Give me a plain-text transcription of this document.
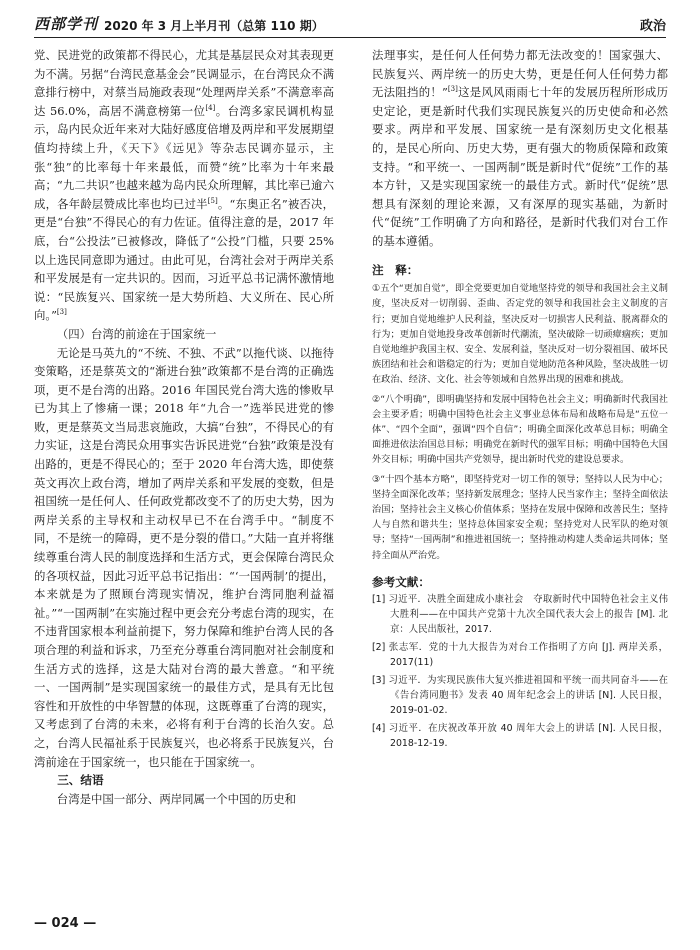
西部学刊 2020 年 3 月上半月刊（总第 110 期）	政治

党、民进党的政策都不得民心，尤其是基层民众对其表现更为不满。另据“台湾民意基金会”民调显示，在台湾民众不满意排行榜中，对蔡当局施政表现“处理两岸关系”不满意率高达 56.0%，高居不满意榜第一位[4]。台湾多家民调机构显示，岛内民众近年来对大陆好感度倍增及两岸和平发展期望值均持续上升，《天下》《远见》等杂志民调亦显示，主张“独”的比率每十年来最低，而赞“统”比率为十年来最高；“九二共识”也越来越为岛内民众所理解，其比率已逾六成，各年龄层赞成比率也均已过半[5]。“东奥正名”被否决，更是“台独”不得民心的有力佐证。值得注意的是，2017 年底，台“公投法”已被修改，降低了“公投”门槛，只要 25% 以上选民同意即为通过。由此可见，台湾社会对于两岸关系和平发展是有一定共识的。因而，习近平总书记满怀激情地说：“民族复兴、国家统一是大势所趋、大义所在、民心所向。”[3]

（四）台湾的前途在于国家统一

无论是马英九的“不统、不独、不武”以拖代谈、以拖待变策略，还是蔡英文的“渐进台独”政策都不是台湾的正确选项，更不是台湾的出路。2016 年国民党台湾大选的惨败早已为其上了惨痛一课；2018 年“九合一”选举民进党的惨败，更是蔡英文当局悲哀施政，大搞“台独”，不得民心的有力实证，这是台湾民众用事实告诉民进党“台独”政策是没有出路的，更是不得民心的；至于 2020 年台湾大选，即使蔡英文再次上政台湾，增加了两岸关系和平发展的变数，但是祖国统一是任何人、任何政党都改变不了的历史大势，因为两岸关系的主导权和主动权早已不在台湾手中。“制度不同，不是统一的障碍，更不是分裂的借口。”大陆一直并将继续尊重台湾人民的制度选择和生活方式，更会保障台湾民众的各项权益，因此习近平总书记指出：“‘一国两制’的提出，本来就是为了照顾台湾现实情况，维护台湾同胞利益福祉。”“一国两制”在实施过程中更会充分考虑台湾的现实，在不违背国家根本利益前提下，努力保障和维护台湾人民的各项合理的利益和诉求，乃至充分尊重台湾同胞对社会制度和生活方式的选择，这是大陆对台湾的最大善意。“和平统一、一国两制”是实现国家统一的最佳方式，是具有无比包容性和开放性的中华智慧的体现，这既尊重了台湾的现实，又考虑到了台湾的未来，必将有利于台湾的长治久安。总之，台湾人民福祉系于民族复兴，也必将系于民族复兴，台湾前途在于国家统一，也只能在于国家统一。

三、结语

台湾是中国一部分、两岸同属一个中国的历史和

法理事实，是任何人任何势力都无法改变的！国家强大、民族复兴、两岸统一的历史大势，更是任何人任何势力都无法阻挡的！”[3]这是风风雨雨七十年的发展历程所形成历史定论，更是新时代我们实现民族复兴的历史使命和必然要求。两岸和平发展、国家统一是有深刻历史文化根基的，是民心所向、历史大势，更有强大的物质保障和政策支持。“和平统一、一国两制”既是新时代“促统”工作的基本方针，又是实现国家统一的最佳方式。新时代“促统”思想具有深刻的理论来源，又有深厚的现实基础，为新时代“促统”工作明确了方向和路径，是新时代我们对台工作的基本遵循。

注　释：
①五个“更加自觉”，即全党要更加自觉地坚持党的领导和我国社会主义制度，坚决反对一切削弱、歪曲、否定党的领导和我国社会主义制度的言行；更加自觉地维护人民利益，坚决反对一切损害人民利益、脱离群众的行为；更加自觉地投身改革创新时代潮流，坚决破除一切顽瘴痼疾；更加自觉地维护我国主权、安全、发展利益，坚决反对一切分裂祖国、破坏民族团结和社会和谐稳定的行为；更加自觉地防范各种风险，坚决战胜一切在政治、经济、文化、社会等领域和自然界出现的困难和挑战。
②“八个明确”，即明确坚持和发展中国特色社会主义；明确新时代我国社会主要矛盾；明确中国特色社会主义事业总体布局和战略布局是“五位一体”、“四个全面”，强调“四个自信”；明确全面深化改革总目标；明确全面推进依法治国总目标；明确党在新时代的强军目标；明确中国特色大国外交目标；明确中国共产党领导，提出新时代党的建设总要求。
③“十四个基本方略”，即坚持党对一切工作的领导；坚持以人民为中心；坚持全面深化改革；坚持新发展理念；坚持人民当家作主；坚持全面依法治国；坚持社会主义核心价值体系；坚持在发展中保障和改善民生；坚持人与自然和谐共生；坚持总体国家安全观；坚持党对人民军队的绝对领导；坚持“一国两制”和推进祖国统一；坚持推动构建人类命运共同体；坚持全面从严治党。
参考文献：
[1] 习近平．决胜全面建成小康社会　夺取新时代中国特色社会主义伟大胜利——在中国共产党第十九次全国代表大会上的报告 [M]. 北京：人民出版社，2017.
[2] 张志军．党的十九大报告为对台工作指明了方向 [J]. 两岸关系，2017(11)
[3] 习近平．为实现民族伟大复兴推进祖国和平统一而共同奋斗——在《告台湾同胞书》发表 40 周年纪念会上的讲话 [N]. 人民日报，2019-01-02.
[4] 习近平．在庆祝改革开放 40 周年大会上的讲话 [N]. 人民日报，2018-12-19.
— 024 —
